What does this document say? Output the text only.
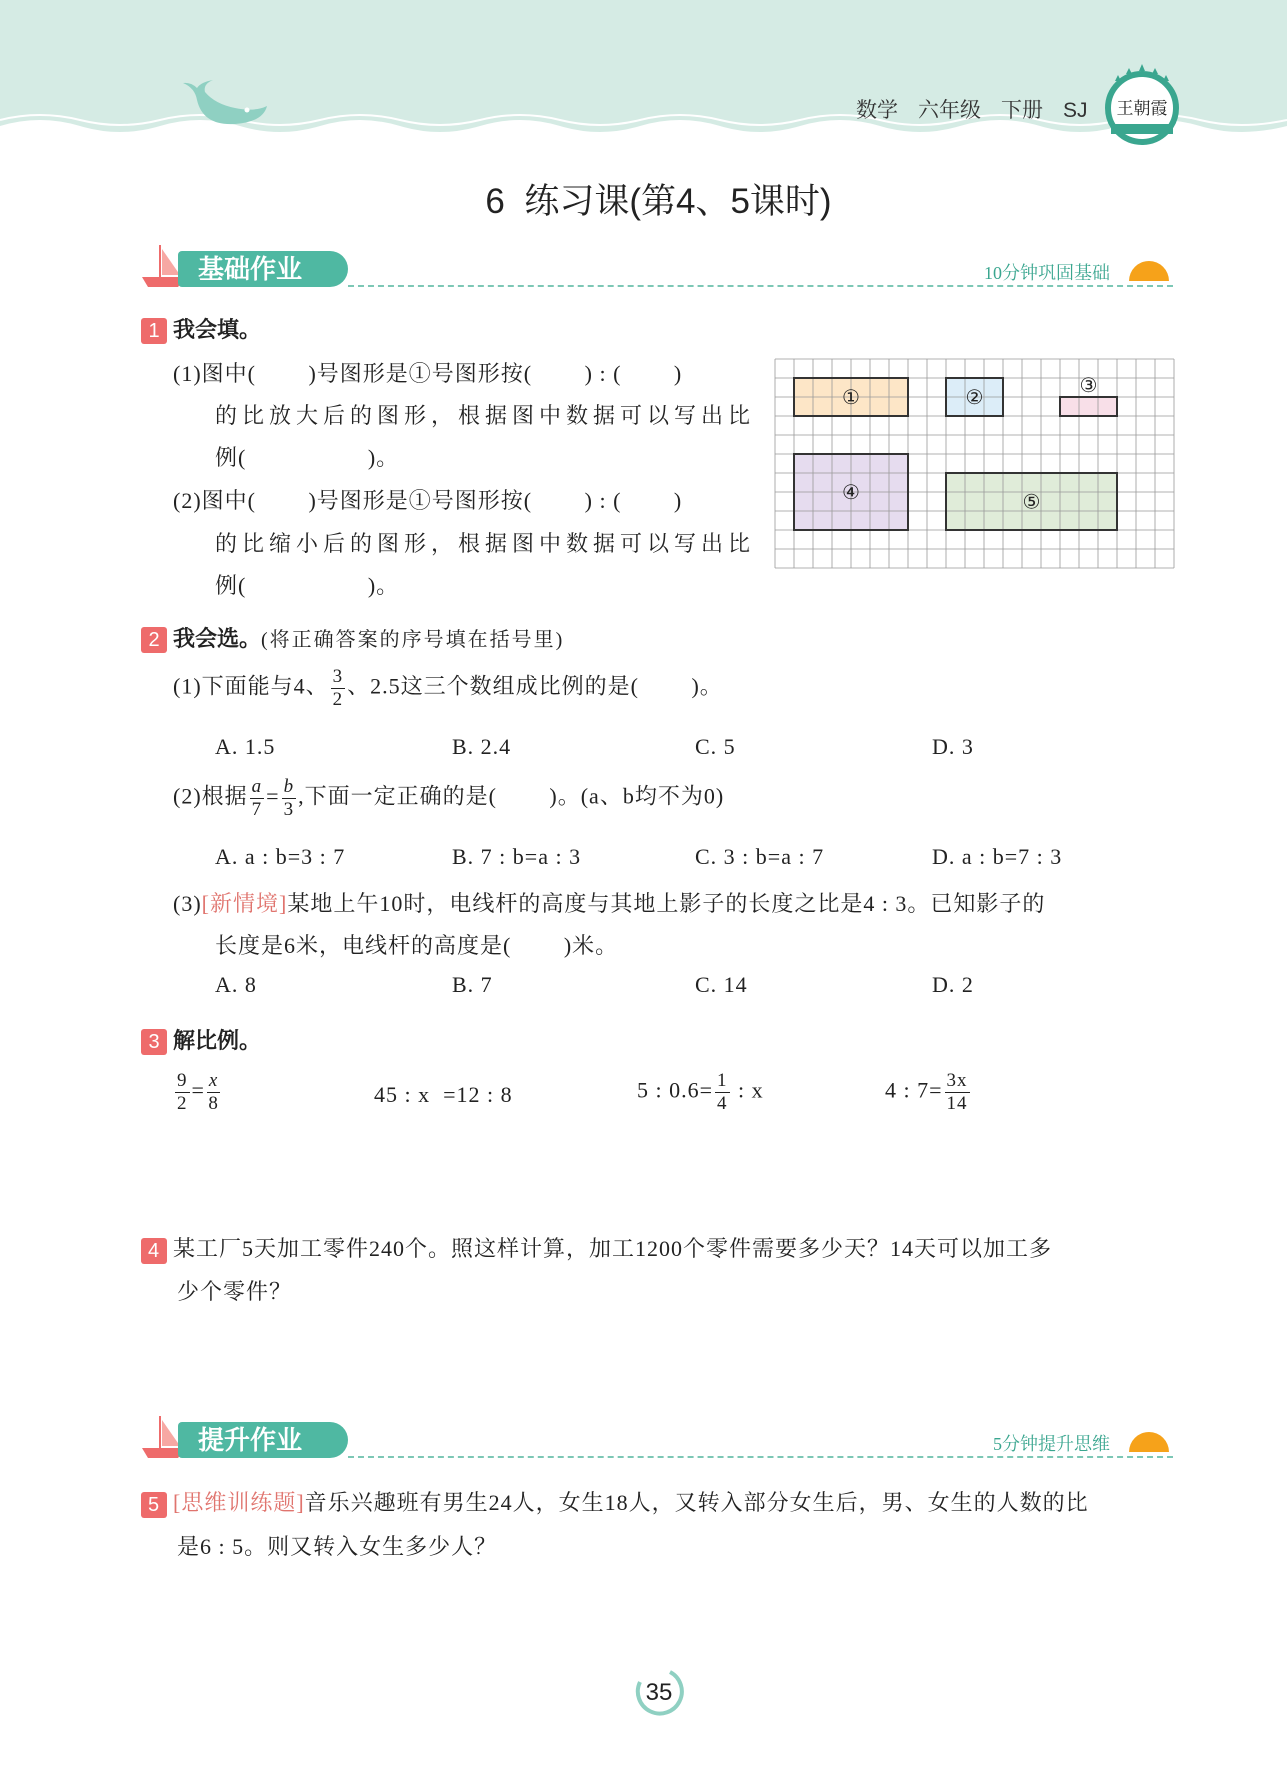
数学 六年级 下册 SJ	王朝霞
6  练习课(第4、5课时)
基础作业	10分钟巩固基础
1 我会填。
(1)图中(　　 )号图形是①号图形按(　　 ) : (　　 )
的比放大后的图形，根据图中数据可以写出比
例(　　　　　 )。
(2)图中(　　 )号图形是①号图形按(　　 ) : (　　 )
的比缩小后的图形，根据图中数据可以写出比
例(　　　　　 )。
①	②	③
④	⑤
2 我会选。(将正确答案的序号填在括号里)
(1)下面能与4、 $\frac{3}{2}$ 、2.5这三个数组成比例的是(　　 )。
A. 1.5	B. 2.4	C. 5	D. 3
(2)根据 $\frac{a}{7} = \frac{b}{3}$ ,下面一定正确的是(　　 )。(a、b均不为0)
A. a : b=3 : 7	B. 7 : b=a : 3	C. 3 : b=a : 7	D. a : b=7 : 3
(3)[新情境]某地上午10时，电线杆的高度与其地上影子的长度之比是4 : 3。已知影子的
长度是6米，电线杆的高度是(　　 )米。
A. 8	B. 7	C. 14	D. 2
3 解比例。
$\frac{9}{2} = \frac{x}{8}$	45 : x  =12 : 8	5 : $0.6= \frac{1}{4}$ : x	4 : $7= \frac{3x}{14}$
4 某工厂5天加工零件240个。照这样计算，加工1200个零件需要多少天？14天可以加工多
少个零件？
提升作业	5分钟提升思维
5 [思维训练题]音乐兴趣班有男生24人，女生18人，又转入部分女生后，男、女生的人数的比
是6 : 5。则又转入女生多少人？
35
